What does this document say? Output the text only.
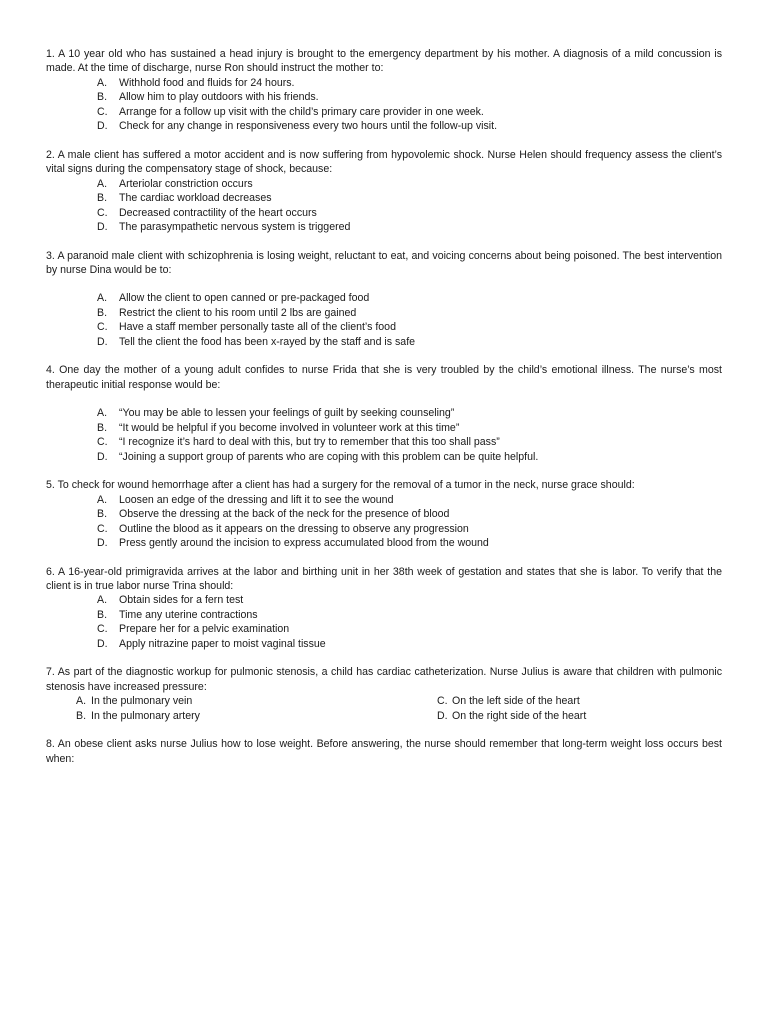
1. A 10 year old who has sustained a head injury is brought to the emergency department by his mother. A diagnosis of a mild concussion is made. At the time of discharge, nurse Ron should instruct the mother to:
A.	Withhold food and fluids for 24 hours.
B.	Allow him to play outdoors with his friends.
C.	Arrange for a follow up visit with the child’s primary care provider in one week.
D.	Check for any change in responsiveness every two hours until the follow-up visit.
2. A male client has suffered a motor accident and is now suffering from hypovolemic shock. Nurse Helen should frequency assess the client’s vital signs during the compensatory stage of shock, because:
A.	Arteriolar constriction occurs
B.	The cardiac workload decreases
C.	Decreased contractility of the heart occurs
D.	The parasympathetic nervous system is triggered
3. A paranoid male client with schizophrenia is losing weight, reluctant to eat, and voicing concerns about being poisoned. The best intervention by nurse Dina would be to:
A.	Allow the client to open canned or pre-packaged food
B.	Restrict the client to his room until 2 lbs are gained
C.	Have a staff member personally taste all of the client’s food
D.	Tell the client the food has been x-rayed by the staff and is safe
4. One day the mother of a young adult confides to nurse Frida that she is very troubled by the child’s emotional illness. The nurse’s most therapeutic initial response would be:
A.	“You may be able to lessen your feelings of guilt by seeking counseling”
B.	“It would be helpful if you become involved in volunteer work at this time”
C.	“I recognize it’s hard to deal with this, but try to remember that this too shall pass”
D.	“Joining a support group of parents who are coping with this problem can be quite helpful.
5. To check for wound hemorrhage after a client has had a surgery for the removal of a tumor in the neck, nurse grace should:
A.	Loosen an edge of the dressing and lift it to see the wound
B.	Observe the dressing at the back of the neck for the presence of blood
C.	Outline the blood as it appears on the dressing to observe any progression
D.	Press gently around the incision to express accumulated blood from the wound
6. A 16-year-old primigravida arrives at the labor and birthing unit in her 38th week of gestation and states that she is labor. To verify that the client is in true labor nurse Trina should:
A.	Obtain sides for a fern test
B.	Time any uterine contractions
C.	Prepare her for a pelvic examination
D.	Apply nitrazine paper to moist vaginal tissue
7. As part of the diagnostic workup for pulmonic stenosis, a child has cardiac catheterization. Nurse Julius is aware that children with pulmonic stenosis have increased pressure:
A. In the pulmonary vein	C. On the left side of the heart
B. In the pulmonary artery	D. On the right side of the heart
8. An obese client asks nurse Julius how to lose weight. Before answering, the nurse should remember that long-term weight loss occurs best when:
